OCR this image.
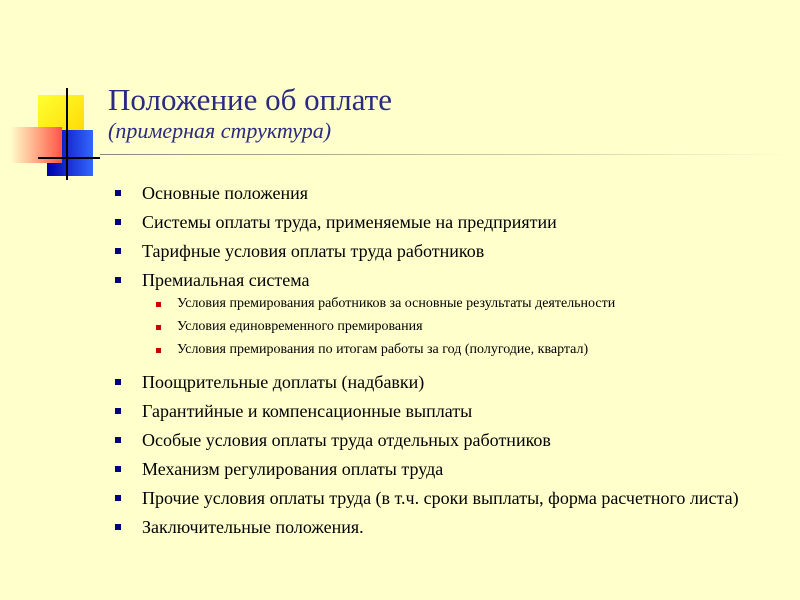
Положение об оплате
(примерная структура)
Основные положения
Системы оплаты труда, применяемые на предприятии
Тарифные условия оплаты труда работников
Премиальная система
Условия премирования работников за основные результаты деятельности
Условия единовременного премирования
Условия премирования по итогам работы за год (полугодие, квартал)
Поощрительные доплаты (надбавки)
Гарантийные и компенсационные выплаты
Особые условия оплаты труда отдельных работников
Механизм регулирования оплаты труда
Прочие условия оплаты труда (в т.ч. сроки выплаты, форма расчетного листа)
Заключительные положения.
